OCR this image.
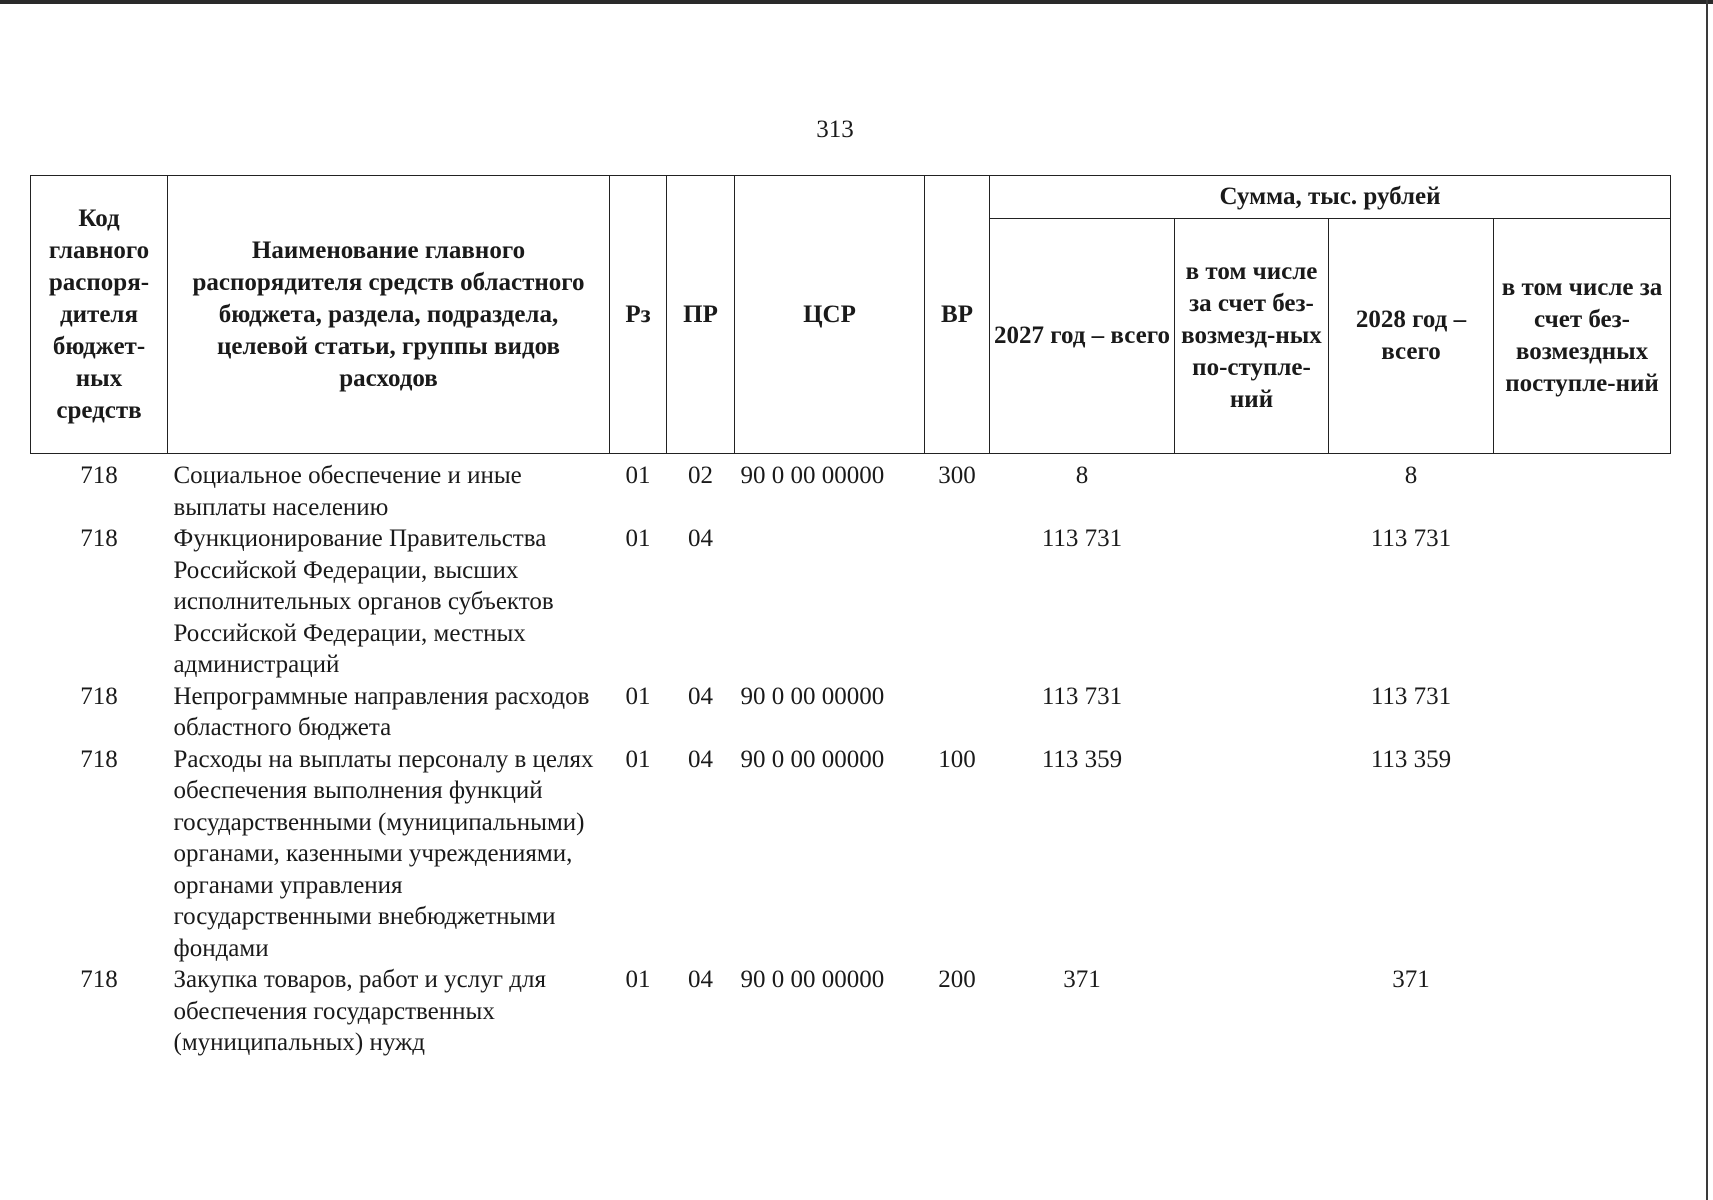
313
Код главного распоря-дителя бюджет-ных средств	Наименование главного распорядителя средств областного бюджета, раздела, подраздела, целевой статьи, группы видов расходов	Рз	ПР	ЦСР	ВР	Сумма, тыс. рублей			
						2027 год – всего	в том числе за счет без-возмезд-ных по-ступле-ний	2028 год – всего	в том числе за счет без-возмездных поступле-ний
718	Социальное обеспечение и иные выплаты населению	01	02	90 0 00 00000	300	8		8	
718	Функционирование Правительства Российской Федерации, высших исполнительных органов субъектов Российской Федерации, местных администраций	01	04			113 731		113 731	
718	Непрограммные направления расходов областного бюджета	01	04	90 0 00 00000		113 731		113 731	
718	Расходы на выплаты персоналу в целях обеспечения выполнения функций государственными (муниципальными) органами, казенными учреждениями, органами управления государственными внебюджетными фондами	01	04	90 0 00 00000	100	113 359		113 359	
718	Закупка товаров, работ и услуг для обеспечения государственных (муниципальных) нужд	01	04	90 0 00 00000	200	371		371	
